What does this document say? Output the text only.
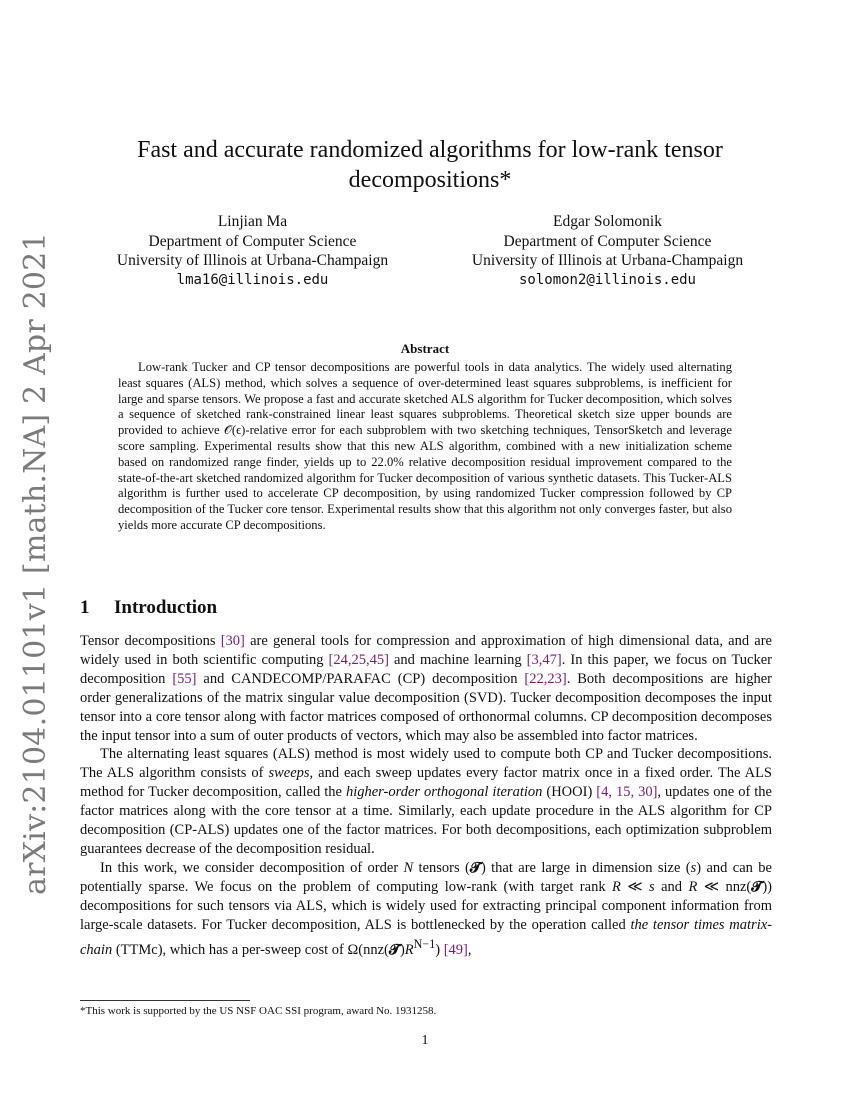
arXiv:2104.01101v1 [math.NA] 2 Apr 2021
Fast and accurate randomized algorithms for low-rank tensor decompositions*
Linjian Ma
Department of Computer Science
University of Illinois at Urbana-Champaign
lma16@illinois.edu
Edgar Solomonik
Department of Computer Science
University of Illinois at Urbana-Champaign
solomon2@illinois.edu
Abstract
Low-rank Tucker and CP tensor decompositions are powerful tools in data analytics. The widely used alternating least squares (ALS) method, which solves a sequence of over-determined least squares subproblems, is inefficient for large and sparse tensors. We propose a fast and accurate sketched ALS algorithm for Tucker decomposition, which solves a sequence of sketched rank-constrained linear least squares subproblems. Theoretical sketch size upper bounds are provided to achieve 𝒪(ϵ)-relative error for each subproblem with two sketching techniques, TensorSketch and leverage score sampling. Experimental results show that this new ALS algorithm, combined with a new initialization scheme based on randomized range finder, yields up to 22.0% relative decomposition residual improvement compared to the state-of-the-art sketched randomized algorithm for Tucker decomposition of various synthetic datasets. This Tucker-ALS algorithm is further used to accelerate CP decomposition, by using randomized Tucker compression followed by CP decomposition of the Tucker core tensor. Experimental results show that this algorithm not only converges faster, but also yields more accurate CP decompositions.
1 Introduction

Tensor decompositions [30] are general tools for compression and approximation of high dimensional data, and are widely used in both scientific computing [24,25,45] and machine learning [3,47]. In this paper, we focus on Tucker decomposition [55] and CANDECOMP/PARAFAC (CP) decomposition [22,23]. Both decompositions are higher order generalizations of the matrix singular value decomposition (SVD). Tucker decomposition decomposes the input tensor into a core tensor along with factor matrices composed of orthonormal columns. CP decomposition decomposes the input tensor into a sum of outer products of vectors, which may also be assembled into factor matrices.

The alternating least squares (ALS) method is most widely used to compute both CP and Tucker decompositions. The ALS algorithm consists of sweeps, and each sweep updates every factor matrix once in a fixed order. The ALS method for Tucker decomposition, called the higher-order orthogonal iteration (HOOI) [4, 15, 30], updates one of the factor matrices along with the core tensor at a time. Similarly, each update procedure in the ALS algorithm for CP decomposition (CP-ALS) updates one of the factor matrices. For both decompositions, each optimization subproblem guarantees decrease of the decomposition residual.

In this work, we consider decomposition of order N tensors (𝓣) that are large in dimension size (s) and can be potentially sparse. We focus on the problem of computing low-rank (with target rank R ≪ s and R ≪ nnz(𝓣)) decompositions for such tensors via ALS, which is widely used for extracting principal component information from large-scale datasets. For Tucker decomposition, ALS is bottlenecked by the operation called the tensor times matrix-chain (TTMc), which has a per-sweep cost of $\Omega(nnz(𝓣)R^{N-1})$ [49],

*This work is supported by the US NSF OAC SSI program, award No. 1931258.
1
